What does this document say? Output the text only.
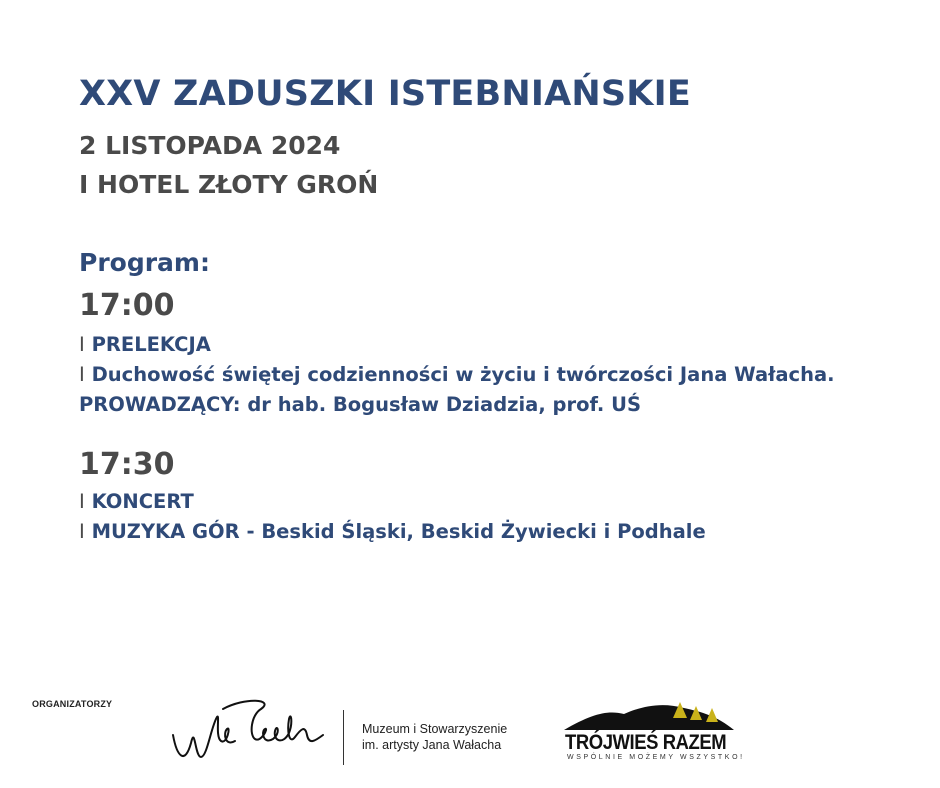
XXV ZADUSZKI ISTEBNIAŃSKIE
2 LISTOPADA 2024
I HOTEL ZŁOTY GROŃ
Program:
17:00
I PRELEKCJA
I Duchowość świętej codzienności w życiu i twórczości Jana Wałacha.
PROWADZĄCY: dr hab. Bogusław Dziadzia, prof. UŚ
17:30
I KONCERT
I MUZYKA GÓR - Beskid Śląski, Beskid Żywiecki i Podhale
ORGANIZATORZY
Muzeum i Stowarzyszenie
im. artysty Jana Wałacha	TRÓJWIEŚ RAZEM
WSPÓLNIE MOŻEMY WSZYSTKO!
